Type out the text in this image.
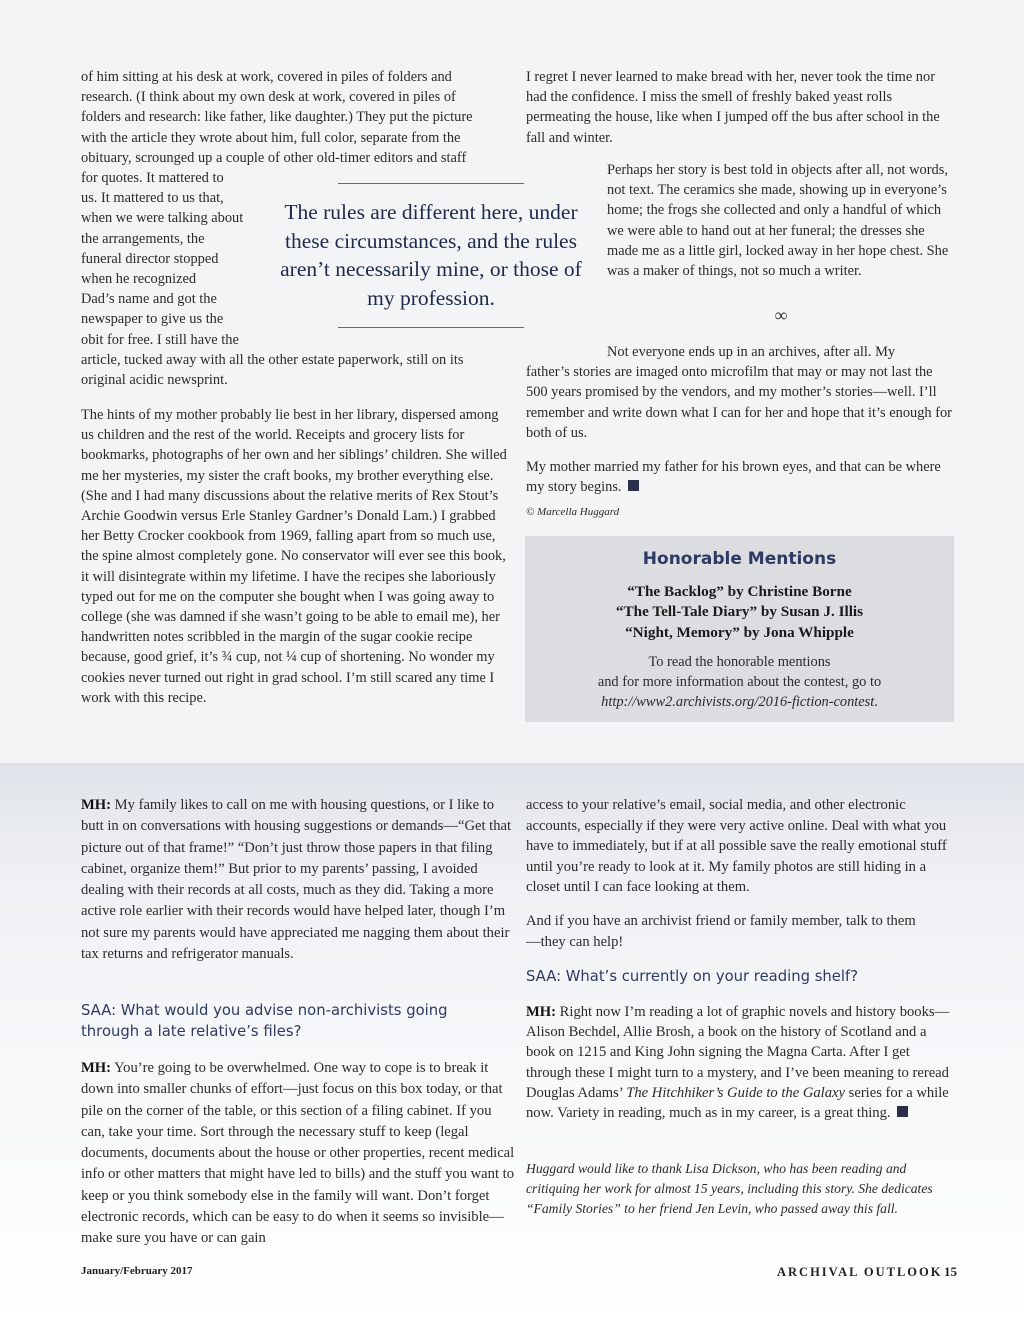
of him sitting at his desk at work, covered in piles of folders and
research. (I think about my own desk at work, covered in piles of
folders and research: like father, like daughter.) They put the picture
with the article they wrote about him, full color, separate from the
obituary, scrounged up a couple of other old-timer editors and staff
for quotes. It mattered to
us. It mattered to us that,
when we were talking about
the arrangements, the
funeral director stopped
when he recognized
Dad’s name and got the
newspaper to give us the
obit for free. I still have the
article, tucked away with all the other estate paperwork, still on its
original acidic newsprint.
The rules are different here, under these circumstances, and the rules aren’t necessarily mine, or those of my profession.

The hints of my mother probably lie best in her library, dispersed among us children and the rest of the world. Receipts and grocery lists for bookmarks, photographs of her own and her siblings’ children. She willed me her mysteries, my sister the craft books, my brother everything else. (She and I had many discussions about the relative merits of Rex Stout’s Archie Goodwin versus Erle Stanley Gardner’s Donald Lam.) I grabbed her Betty Crocker cookbook from 1969, falling apart from so much use, the spine almost completely gone. No conservator will ever see this book, it will disintegrate within my lifetime. I have the recipes she laboriously typed out for me on the computer she bought when I was going away to college (she was damned if she wasn’t going to be able to email me), her handwritten notes scribbled in the margin of the sugar cookie recipe because, good grief, it’s ¾ cup, not ¼ cup of shortening. No wonder my cookies never turned out right in grad school. I’m still scared any time I work with this recipe.

I regret I never learned to make bread with her, never took the time nor had the confidence. I miss the smell of freshly baked yeast rolls permeating the house, like when I jumped off the bus after school in the fall and winter.

Perhaps her story is best told in objects after all, not words, not text. The ceramics she made, showing up in everyone’s home; the frogs she collected and only a handful of which we were able to hand out at her funeral; the dresses she made me as a little girl, locked away in her hope chest. She was a maker of things, not so much a writer.

∞
Not everyone ends up in an archives, after all. My
father’s stories are imaged onto microfilm that may or may not last the 500 years promised by the vendors, and my mother’s stories—well. I’ll remember and write down what I can for her and hope that it’s enough for both of us.

My mother married my father for his brown eyes, and that can be where my story begins.

© Marcella Huggard
Honorable Mentions
“The Backlog” by Christine Borne
“The Tell-Tale Diary” by Susan J. Illis
“Night, Memory” by Jona Whipple
To read the honorable mentions
and for more information about the contest, go to
http://www2.archivists.org/2016-fiction-contest.

MH: My family likes to call on me with housing questions, or I like to butt in on conversations with housing suggestions or demands—“Get that picture out of that frame!” “Don’t just throw those papers in that filing cabinet, organize them!” But prior to my parents’ passing, I avoided dealing with their records at all costs, much as they did. Taking a more active role earlier with their records would have helped later, though I’m not sure my parents would have appreciated me nagging them about their tax returns and refrigerator manuals.

SAA: What would you advise non-archivists going through a late relative’s files?

MH: You’re going to be overwhelmed. One way to cope is to break it down into smaller chunks of effort—just focus on this box today, or that pile on the corner of the table, or this section of a filing cabinet. If you can, take your time. Sort through the necessary stuff to keep (legal documents, documents about the house or other properties, recent medical info or other matters that might have led to bills) and the stuff you want to keep or you think somebody else in the family will want. Don’t forget electronic records, which can be easy to do when it seems so invisible—make sure you have or can gain

access to your relative’s email, social media, and other electronic accounts, especially if they were very active online. Deal with what you have to immediately, but if at all possible save the really emotional stuff until you’re ready to look at it. My family photos are still hiding in a closet until I can face looking at them.

And if you have an archivist friend or family member, talk to them—they can help!

SAA: What’s currently on your reading shelf?

MH: Right now I’m reading a lot of graphic novels and history books—Alison Bechdel, Allie Brosh, a book on the history of Scotland and a book on 1215 and King John signing the Magna Carta. After I get through these I might turn to a mystery, and I’ve been meaning to reread Douglas Adams’ The Hitchhiker’s Guide to the Galaxy series for a while now. Variety in reading, much as in my career, is a great thing.

Huggard would like to thank Lisa Dickson, who has been reading and critiquing her work for almost 15 years, including this story. She dedicates “Family Stories” to her friend Jen Levin, who passed away this fall.

January/February 2017	ARCHIVAL OUTLOOK 15
